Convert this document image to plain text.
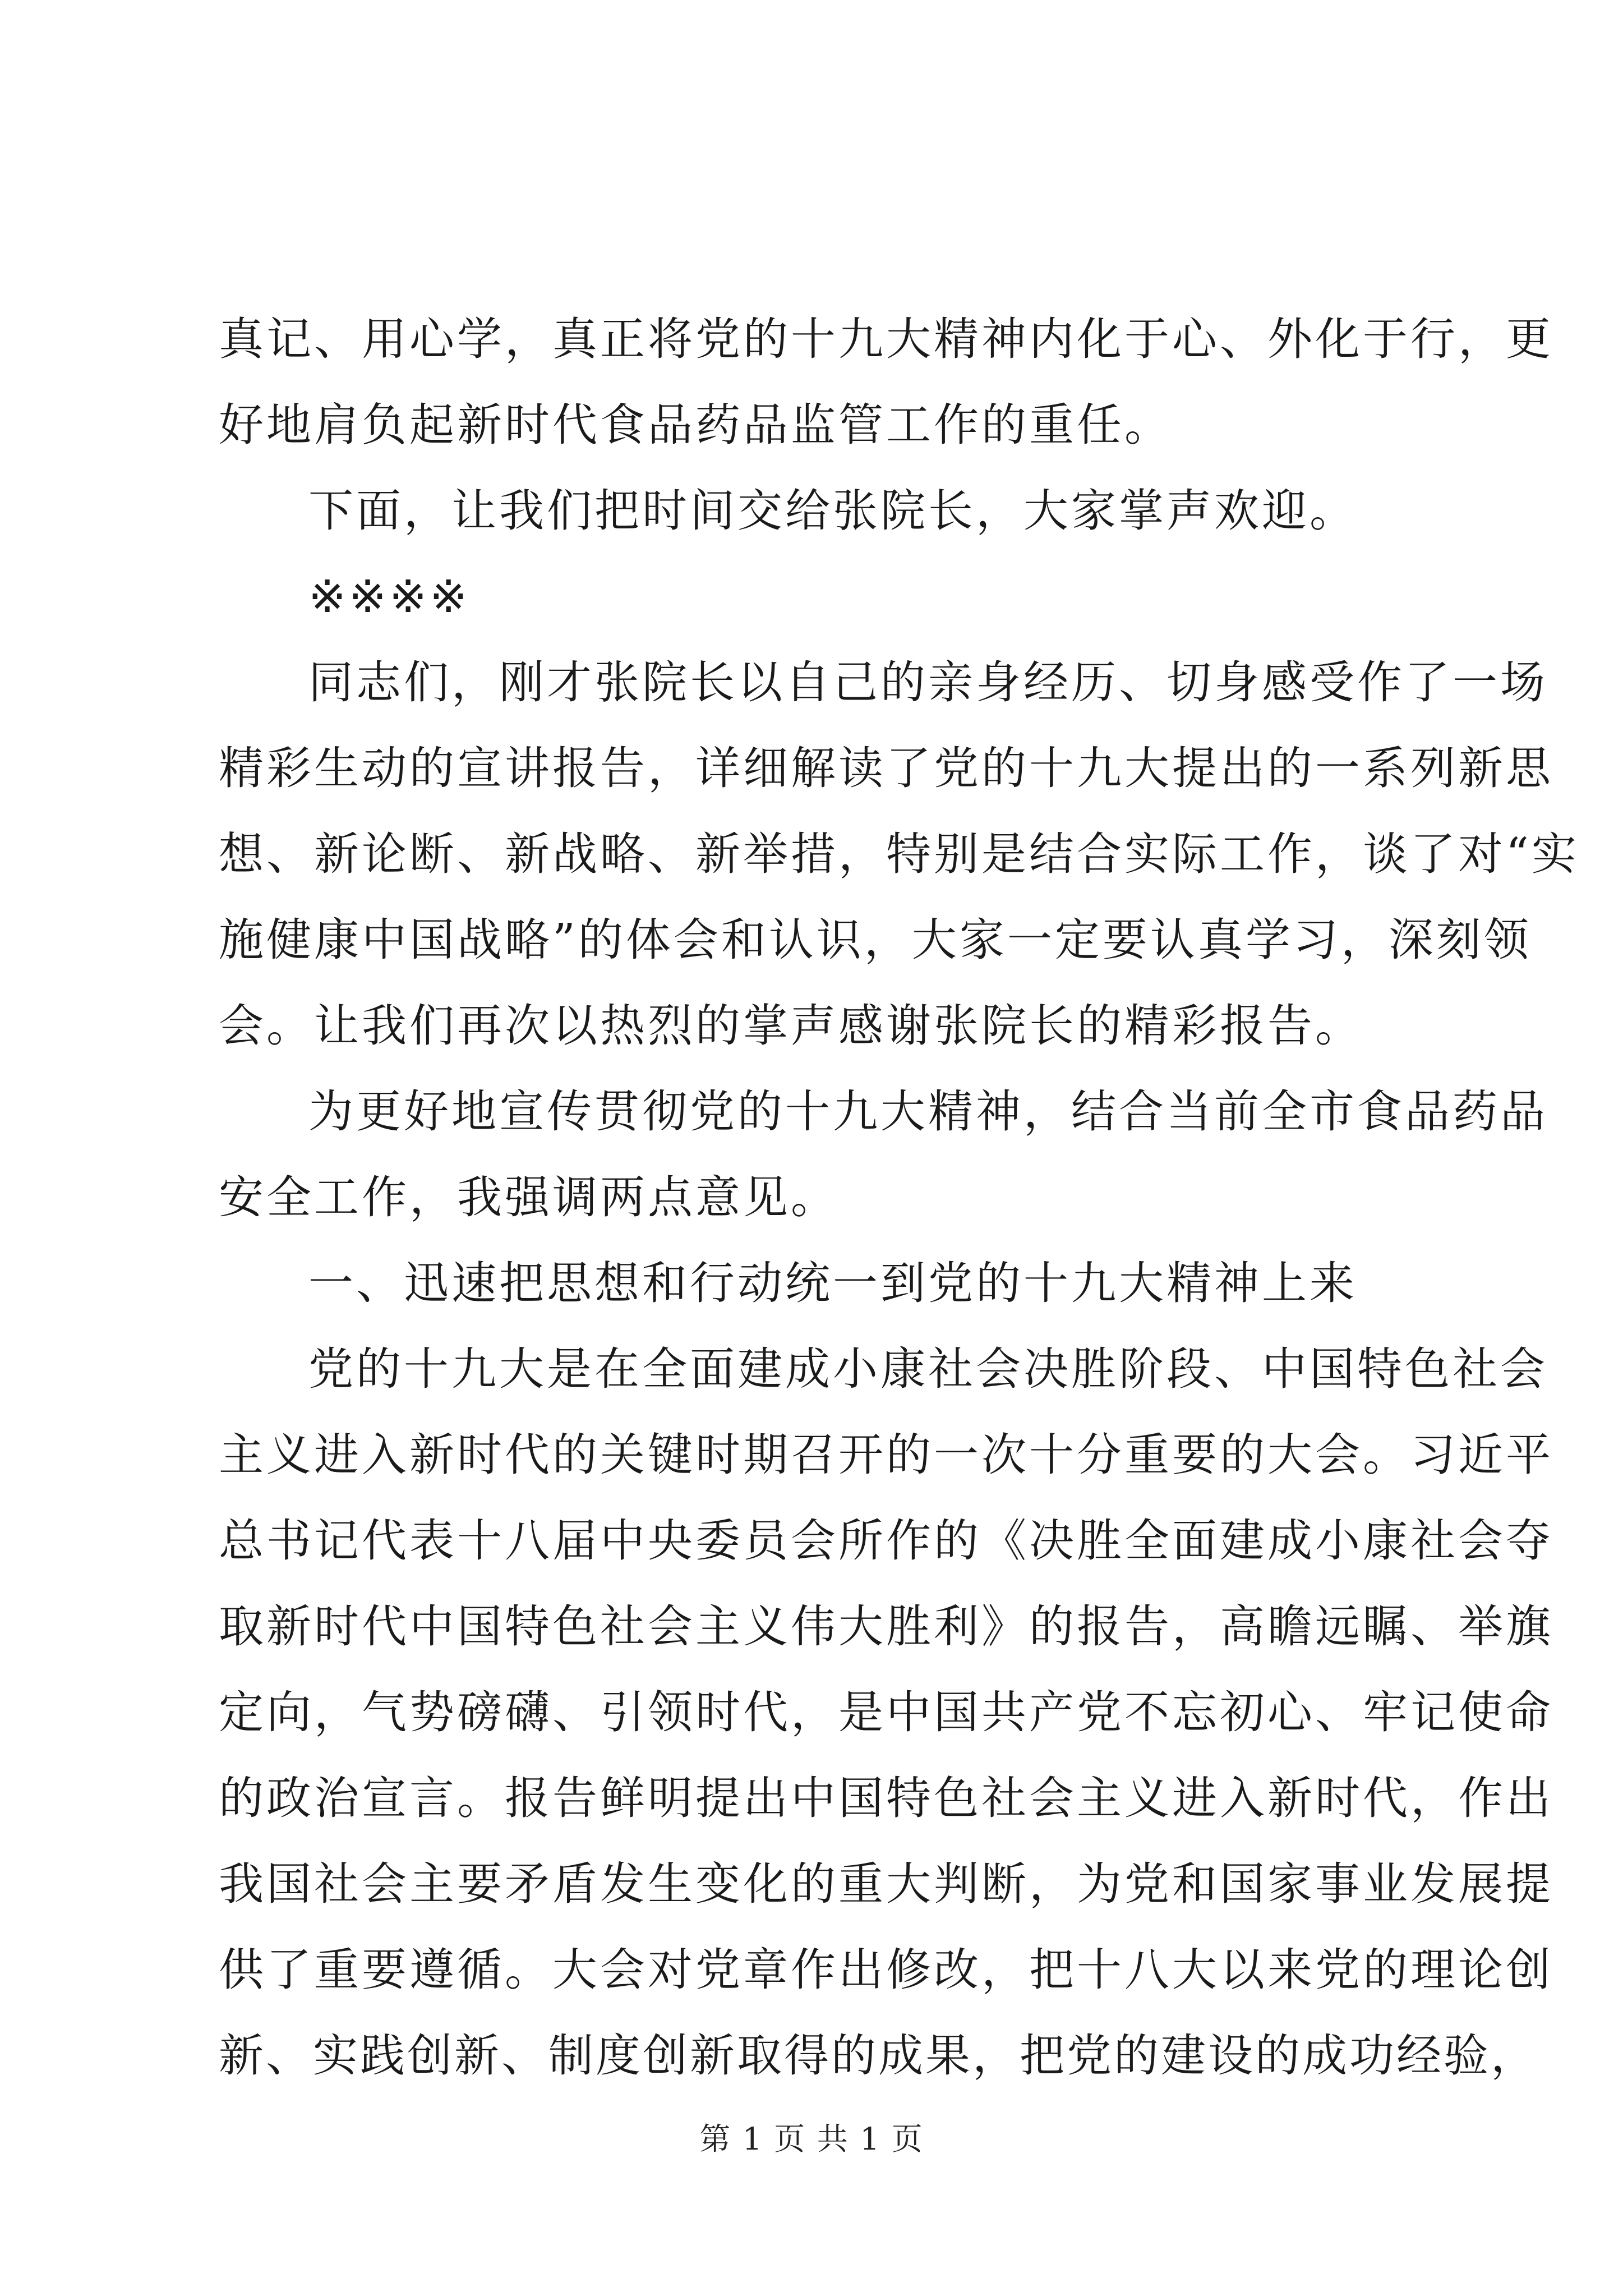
真记、用心学，真正将党的十九大精神内化于心、外化于行，更
好地肩负起新时代食品药品监管工作的重任。
下面，让我们把时间交给张院长，大家掌声欢迎。
※※※※
同志们，刚才张院长以自己的亲身经历、切身感受作了一场
精彩生动的宣讲报告，详细解读了党的十九大提出的一系列新思
想、新论断、新战略、新举措，特别是结合实际工作，谈了对“实
施健康中国战略”的体会和认识，大家一定要认真学习，深刻领
会。让我们再次以热烈的掌声感谢张院长的精彩报告。
为更好地宣传贯彻党的十九大精神，结合当前全市食品药品
安全工作，我强调两点意见。
一、迅速把思想和行动统一到党的十九大精神上来
党的十九大是在全面建成小康社会决胜阶段、中国特色社会
主义进入新时代的关键时期召开的一次十分重要的大会。习近平
总书记代表十八届中央委员会所作的《决胜全面建成小康社会夺
取新时代中国特色社会主义伟大胜利》的报告，高瞻远瞩、举旗
定向，气势磅礴、引领时代，是中国共产党不忘初心、牢记使命
的政治宣言。报告鲜明提出中国特色社会主义进入新时代，作出
我国社会主要矛盾发生变化的重大判断，为党和国家事业发展提
供了重要遵循。大会对党章作出修改，把十八大以来党的理论创
新、实践创新、制度创新取得的成果，把党的建设的成功经验，
第 1 页 共 1 页
